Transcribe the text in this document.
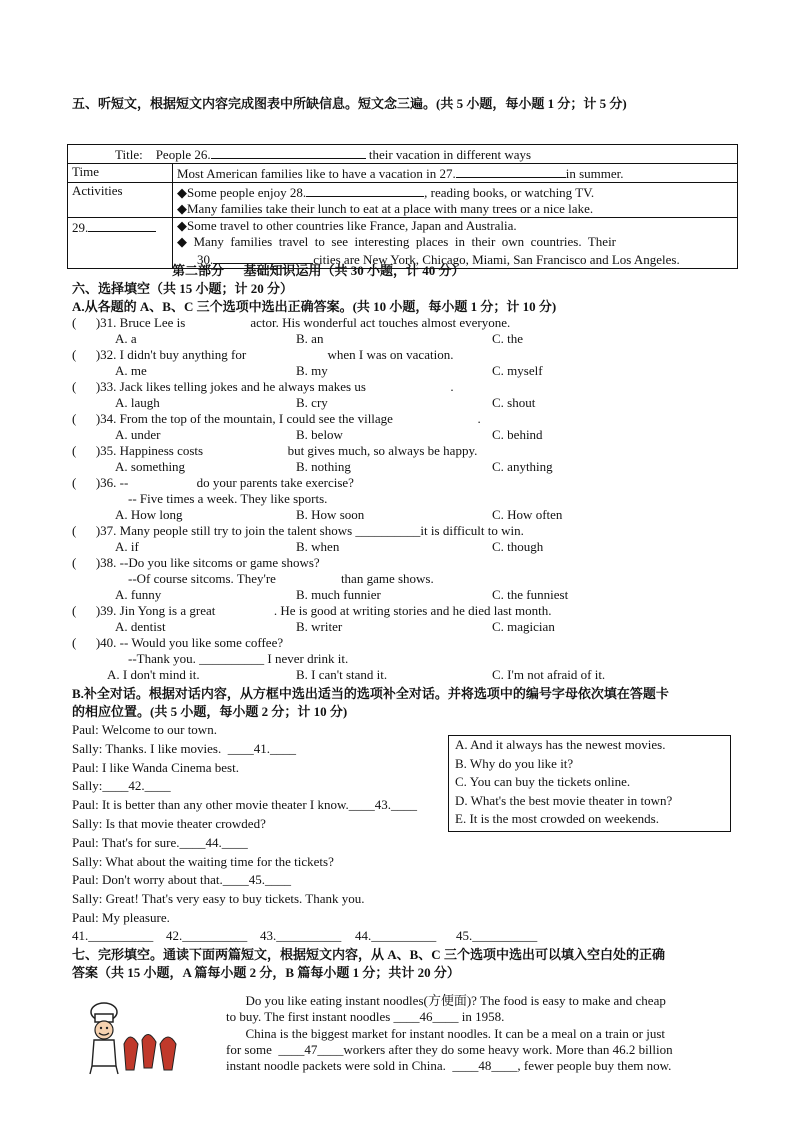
五、听短文，根据短文内容完成图表中所缺信息。短文念三遍。(共 5 小题，每小题 1 分；计 5 分)
Title: People 26. their vacation in different ways	
Time	Most American families like to have a vacation in 27. in summer.
Activities	◆Some people enjoy 28. , reading books, or watching TV.
◆Many families take their lunch to eat at a place with many trees or a nice lake.

29.	◆Some travel to other countries like France, Japan and Australia.
◆  Many  families  travel  to  see  interesting  places  in  their  own  countries.  Their
30. cities are New York, Chicago, Miami, San Francisco and Los Angeles.
第二部分      基础知识运用（共 30 小题，计 40 分）
六、选择填空（共 15 小题；计 20 分）
A.从各题的 A、B、C 三个选项中选出正确答案。(共 10 小题，每小题 1 分；计 10 分)
(      )31. Bruce Lee is                    actor. His wonderful act touches almost everyone.
A. a	B. an	C. the
(      )32. I didn't buy anything for                         when I was on vacation.
A. me	B. my	C. myself
(      )33. Jack likes telling jokes and he always makes us                          .
A. laugh	B. cry	C. shout
(      )34. From the top of the mountain, I could see the village                          .
A. under	B. below	C. behind
(      )35. Happiness costs                          but gives much, so always be happy.
A. something	B. nothing	C. anything
(      )36. --                     do your parents take exercise?
-- Five times a week. They like sports.
A. How long	B. How soon	C. How often
(      )37. Many people still try to join the talent shows __________it is difficult to win.
A. if	B. when	C. though
(      )38. --Do you like sitcoms or game shows?
--Of course sitcoms. They're                    than game shows.
A. funny	B. much funnier	C. the funniest
(      )39. Jin Yong is a great                  . He is good at writing stories and he died last month.
A. dentist	B. writer	C. magician
(      )40. -- Would you like some coffee?
--Thank you. __________ I never drink it.
A. I don't mind it.	B. I can't stand it.	C. I'm not afraid of it.
B.补全对话。根据对话内容，从方框中选出适当的选项补全对话。并将选项中的编号字母依次填在答题卡
的相应位置。(共 5 小题，每小题 2 分；计 10 分)
Paul: Welcome to our town.
Sally: Thanks. I like movies.  ____41.____
Paul: I like Wanda Cinema best.
Sally:____42.____
Paul: It is better than any other movie theater I know.____43.____
Sally: Is that movie theater crowded?
Paul: That's for sure.____44.____
Sally: What about the waiting time for the tickets?
Paul: Don't worry about that.____45.____
Sally: Great! That's very easy to buy tickets. Thank you.
Paul: My pleasure.
A. And it always has the newest movies.
B. Why do you like it?
C. You can buy the tickets online.
D. What's the best movie theater in town?
E. It is the most crowded on weekends.
41.__________ 42.__________ 43.__________ 44.__________ 45.__________
七、完形填空。通读下面两篇短文，根据短文内容，从 A、B、C 三个选项中选出可以填入空白处的正确
答案（共 15 小题，A 篇每小题 2 分，B 篇每小题 1 分；共计 20 分）
Do you like eating instant noodles(方便面)? The food is easy to make and cheap
to buy. The first instant noodles ____46____ in 1958.
China is the biggest market for instant noodles. It can be a meal on a train or just
for some  ____47____workers after they do some heavy work. More than 46.2 billion
instant noodle packets were sold in China.  ____48____, fewer people buy them now.
